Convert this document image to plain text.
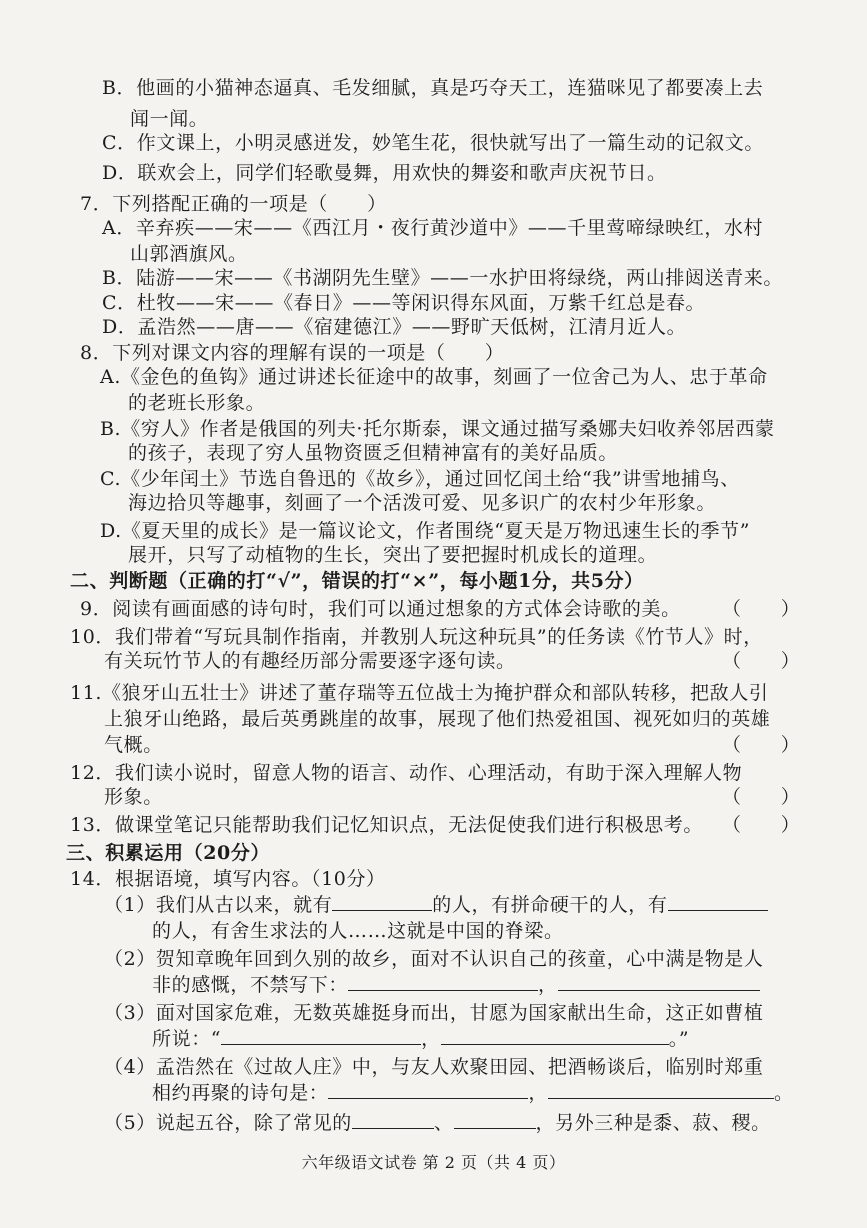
B．他画的小猫神态逼真、毛发细腻，真是巧夺天工，连猫咪见了都要凑上去
闻一闻。
C．作文课上，小明灵感迸发，妙笔生花，很快就写出了一篇生动的记叙文。
D．联欢会上，同学们轻歌曼舞，用欢快的舞姿和歌声庆祝节日。
7．下列搭配正确的一项是（　　）
A．辛弃疾——宋——《西江月・夜行黄沙道中》——千里莺啼绿映红，水村
山郭酒旗风。
B．陆游——宋——《书湖阴先生壁》——一水护田将绿绕，两山排闼送青来。
C．杜牧——宋——《春日》——等闲识得东风面，万紫千红总是春。
D．孟浩然——唐——《宿建德江》——野旷天低树，江清月近人。
8．下列对课文内容的理解有误的一项是（　　）
A.《金色的鱼钩》通过讲述长征途中的故事，刻画了一位舍己为人、忠于革命
的老班长形象。
B.《穷人》作者是俄国的列夫·托尔斯泰，课文通过描写桑娜夫妇收养邻居西蒙
的孩子，表现了穷人虽物资匮乏但精神富有的美好品质。
C.《少年闰土》节选自鲁迅的《故乡》，通过回忆闰土给“我”讲雪地捕鸟、
海边拾贝等趣事，刻画了一个活泼可爱、见多识广的农村少年形象。
D.《夏天里的成长》是一篇议论文，作者围绕“夏天是万物迅速生长的季节”
展开，只写了动植物的生长，突出了要把握时机成长的道理。
二、判断题（正确的打“√”，错误的打“×”，每小题1分，共5分）
9．阅读有画面感的诗句时，我们可以通过想象的方式体会诗歌的美。 （　　）
10．我们带着“写玩具制作指南，并教别人玩这种玩具”的任务读《竹节人》时，
有关玩竹节人的有趣经历部分需要逐字逐句读。	（　　）
11.《狼牙山五壮士》讲述了董存瑞等五位战士为掩护群众和部队转移，把敌人引
上狼牙山绝路，最后英勇跳崖的故事，展现了他们热爱祖国、视死如归的英雄
气概。	（　　）
12．我们读小说时，留意人物的语言、动作、心理活动，有助于深入理解人物
形象。	（　　）
13．做课堂笔记只能帮助我们记忆知识点，无法促使我们进行积极思考。 （　　）
三、积累运用（20分）
14．根据语境，填写内容。（10分）
（1）我们从古以来，就有	的人，有拼命硬干的人，有
的人，有舍生求法的人……这就是中国的脊梁。
（2）贺知章晚年回到久别的故乡，面对不认识自己的孩童，心中满是物是人
非的感慨，不禁写下：	，
（3）面对国家危难，无数英雄挺身而出，甘愿为国家献出生命，这正如曹植
所说：“	，	。”
（4）孟浩然在《过故人庄》中，与友人欢聚田园、把酒畅谈后，临别时郑重
相约再聚的诗句是：	，	。
（5）说起五谷，除了常见的	、	，另外三种是黍、菽、稷。
六年级语文试卷 第 2 页（共 4 页）
